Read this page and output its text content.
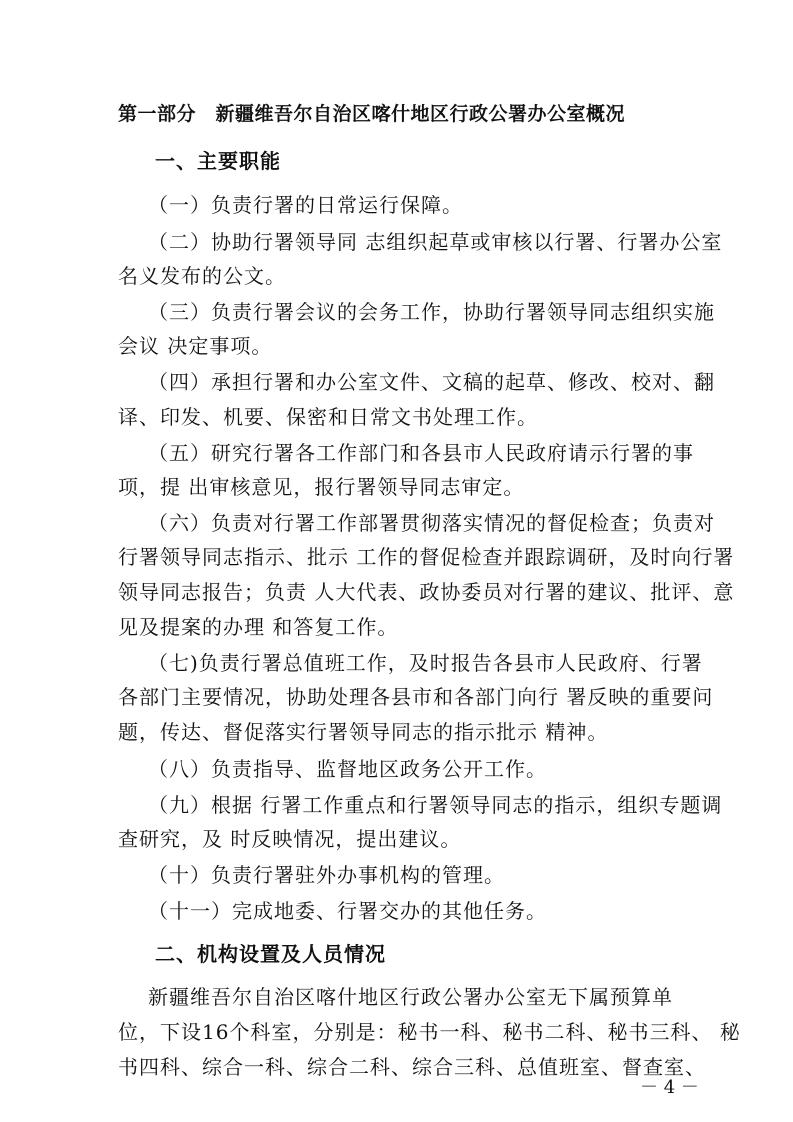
第一部分　新疆维吾尔自治区喀什地区行政公署办公室概况
一、主要职能
（一）负责行署的日常运行保障。
（二）协助行署领导同 志组织起草或审核以行署、行署办公室
名义发布的公文。
（三）负责行署会议的会务工作，协助行署领导同志组织实施
会议 决定事项。
（四）承担行署和办公室文件、文稿的起草、修改、校对、翻
译、印发、机要、保密和日常文书处理工作。
（五）研究行署各工作部门和各县市人民政府请示行署的事
项，提 出审核意见，报行署领导同志审定。
（六）负责对行署工作部署贯彻落实情况的督促检查；负责对
行署领导同志指示、批示 工作的督促检查并跟踪调研，及时向行署
领导同志报告；负责 人大代表、政协委员对行署的建议、批评、意
见及提案的办理 和答复工作。
（七)负责行署总值班工作，及时报告各县市人民政府、行署
各部门主要情况，协助处理各县市和各部门向行 署反映的重要问
题，传达、督促落实行署领导同志的指示批示 精神。
（八）负责指导、监督地区政务公开工作。
（九）根据 行署工作重点和行署领导同志的指示，组织专题调
查研究，及 时反映情况，提出建议。
（十）负责行署驻外办事机构的管理。
（十一）完成地委、行署交办的其他任务。
二、机构设置及人员情况
新疆维吾尔自治区喀什地区行政公署办公室无下属预算单
位，下设16个科室，分别是：秘书一科、秘书二科、秘书三科、 秘
书四科、综合一科、综合二科、综合三科、总值班室、督查室、
－ 4 －
